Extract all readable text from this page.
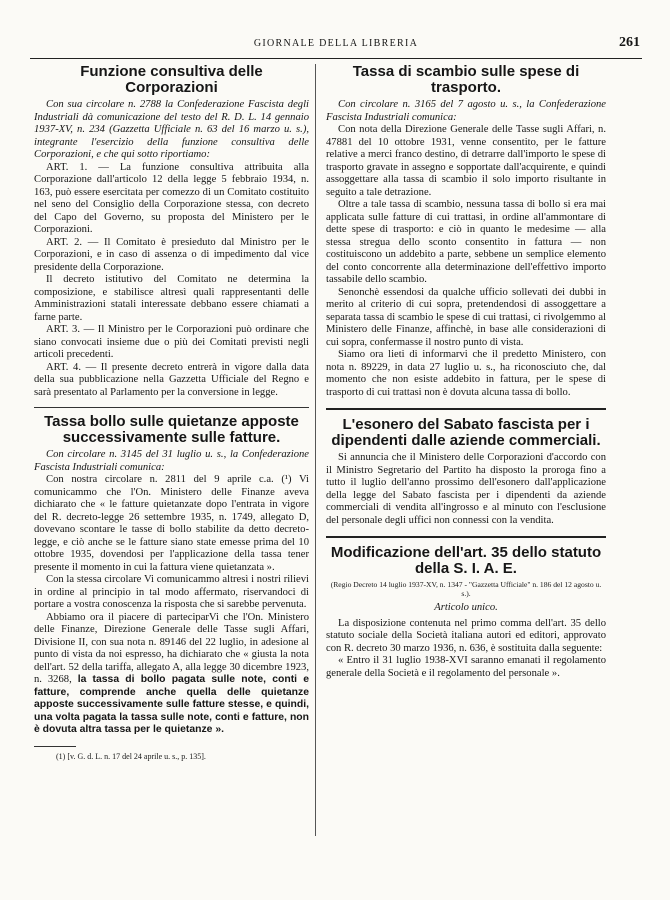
GIORNALE DELLA LIBRERIA	261
Funzione consultiva delle Corporazioni

Con sua circolare n. 2788 la Confederazione Fascista degli Industriali dà comunicazione del testo del R. D. L. 14 gennaio 1937-XV, n. 234 (Gazzetta Ufficiale n. 63 del 16 marzo u. s.), integrante l'esercizio della funzione consultiva delle Corporazioni, e che qui sotto riportiamo:

ART. 1. — La funzione consultiva attribuita alla Corporazione dall'articolo 12 della legge 5 febbraio 1934, n. 163, può essere esercitata per comezzo di un Comitato costituito nel seno del Consiglio della Corporazione stessa, con decreto del Capo del Governo, su proposta del Ministero per le Corporazioni.

ART. 2. — Il Comitato è presieduto dal Ministro per le Corporazioni, e in caso di assenza o di impedimento dal vice presidente della Corporazione.

Il decreto istitutivo del Comitato ne determina la composizione, e stabilisce altresì quali rappresentanti delle Amministrazioni statali interessate debbano essere chiamati a farne parte.

ART. 3. — Il Ministro per le Corporazioni può ordinare che siano convocati insieme due o più dei Comitati previsti negli articoli precedenti.

ART. 4. — Il presente decreto entrerà in vigore dalla data della sua pubblicazione nella Gazzetta Ufficiale del Regno e sarà presentato al Parlamento per la conversione in legge.

Tassa bollo sulle quietanze apposte successivamente sulle fatture.

Con circolare n. 3145 del 31 luglio u. s., la Confederazione Fascista Industriali comunica:

Con nostra circolare n. 2811 del 9 aprile c.a. (¹) Vi comunicammo che l'On. Ministero delle Finanze aveva dichiarato che « le fatture quietanzate dopo l'entrata in vigore del R. decreto-legge 26 settembre 1935, n. 1749, allegato D, dovevano scontare le tasse di bollo stabilite da detto decreto-legge, e ciò anche se le fatture siano state emesse prima del 10 ottobre 1935, dovendosi per l'applicazione della tassa tener presente il momento in cui la fattura viene quietanzata ».

Con la stessa circolare Vi comunicammo altresì i nostri rilievi in ordine al principio in tal modo affermato, riservandoci di portare a vostra conoscenza la risposta che si sarebbe pervenuta.

Abbiamo ora il piacere di parteciparVi che l'On. Ministero delle Finanze, Direzione Generale delle Tasse sugli Affari, Divisione II, con sua nota n. 89146 del 22 luglio, in adesione al punto di vista da noi espresso, ha dichiarato che « giusta la nota dell'art. 52 della tariffa, allegato A, alla legge 30 dicembre 1923, n. 3268, la tassa di bollo pagata sulle note, conti e fatture, comprende anche quella delle quietanze apposte successivamente sulle fatture stesse, e quindi, una volta pagata la tassa sulle note, conti e fatture, non è dovuta altra tassa per le quietanze ».

(1) [v. G. d. L. n. 17 del 24 aprile u. s., p. 135].

Tassa di scambio sulle spese di trasporto.

Con circolare n. 3165 del 7 agosto u. s., la Confederazione Fascista Industriali comunica:

Con nota della Direzione Generale delle Tasse sugli Affari, n. 47881 del 10 ottobre 1931, venne consentito, per le fatture relative a merci franco destino, di detrarre dall'importo le spese di trasporto gravate in assegno e sopportate dall'acquirente, e quindi assoggettare alla tassa di scambio il solo importo risultante in seguito a tale detrazione.

Oltre a tale tassa di scambio, nessuna tassa di bollo si era mai applicata sulle fatture di cui trattasi, in ordine all'ammontare di dette spese di trasporto: e ciò in quanto le medesime — alla stessa stregua dello sconto consentito in fattura — non costituiscono un addebito a parte, sebbene un semplice elemento del conto concorrente alla determinazione dell'effettivo importo tassabile dello scambio.

Senonchè essendosi da qualche ufficio sollevati dei dubbi in merito al criterio di cui sopra, pretendendosi di assoggettare a separata tassa di scambio le spese di cui trattasi, ci rivolgemmo al Ministero delle Finanze, affinchè, in base alle considerazioni di cui sopra, confermasse il nostro punto di vista.

Siamo ora lieti di informarvi che il predetto Ministero, con nota n. 89229, in data 27 luglio u. s., ha riconosciuto che, dal momento che non esiste addebito in fattura, per le spese di trasporto di cui trattasi non è dovuta alcuna tassa di bollo.

L'esonero del Sabato fascista per i dipendenti dalle aziende commerciali.

Si annuncia che il Ministero delle Corporazioni d'accordo con il Ministro Segretario del Partito ha disposto la proroga fino a tutto il luglio dell'anno prossimo dell'esonero dall'applicazione della legge del Sabato fascista per i dipendenti da aziende commerciali di vendita all'ingrosso e al minuto con l'esclusione del personale degli uffici non connessi con la vendita.

Modificazione dell'art. 35 dello statuto della S. I. A. E.

(Regio Decreto 14 luglio 1937-XV, n. 1347 - "Gazzetta Ufficiale" n. 186 del 12 agosto u. s.).

Articolo unico.

La disposizione contenuta nel primo comma dell'art. 35 dello statuto sociale della Società italiana autori ed editori, approvato con R. decreto 30 marzo 1936, n. 636, è sostituita dalla seguente:

« Entro il 31 luglio 1938-XVI saranno emanati il regolamento generale della Società e il regolamento del personale ».
